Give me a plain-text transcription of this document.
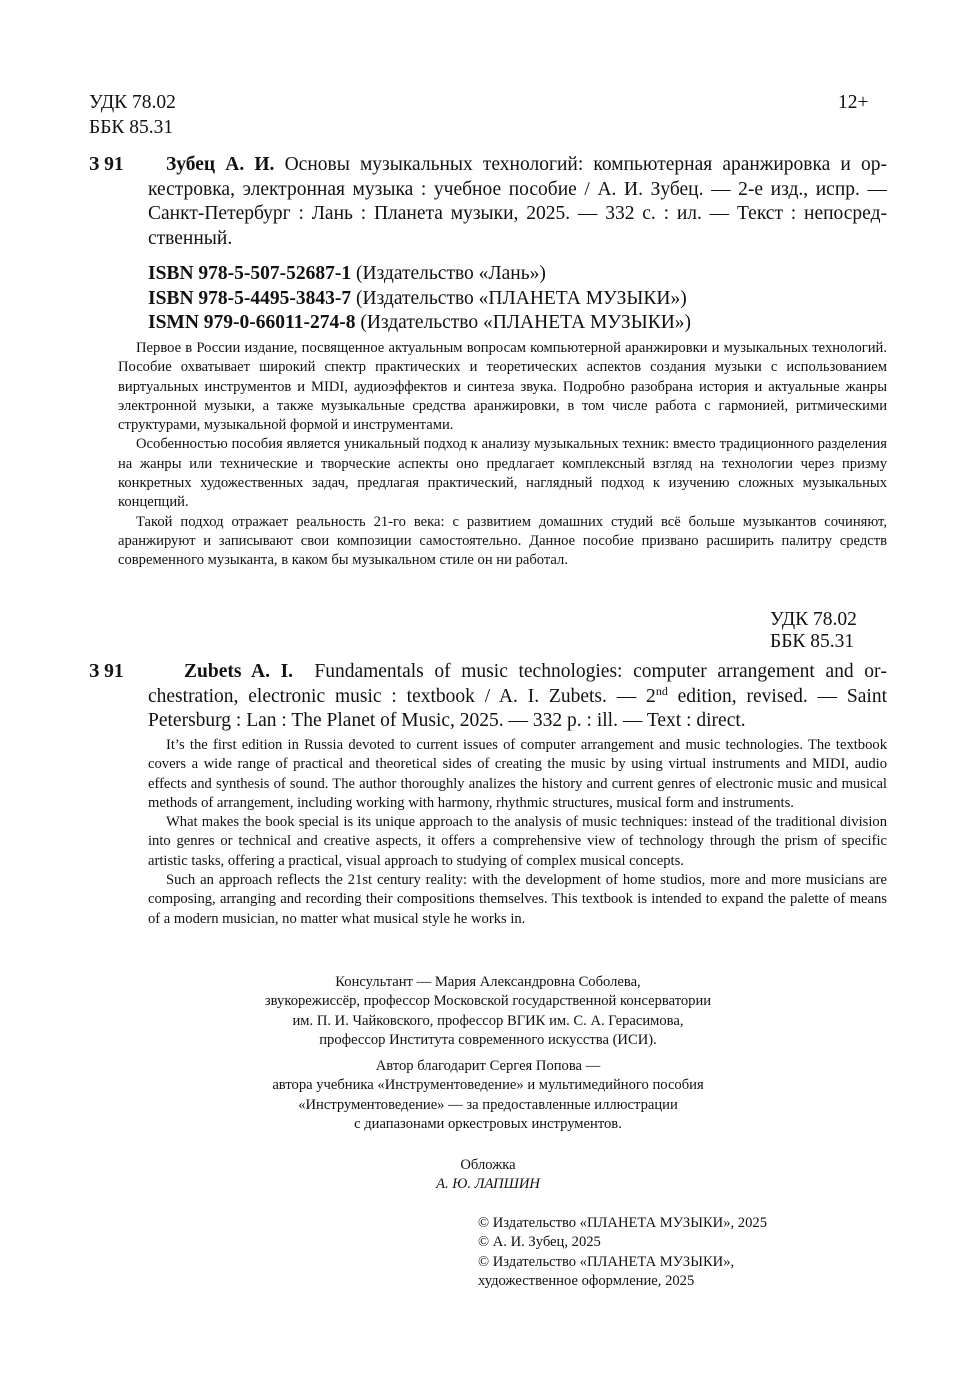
УДК 78.02
ББК 85.31
12+
З 91	Зубец А. И. Основы музыкальных технологий: компьютерная аранжировка и оркестровка, электронная музыка : учебное пособие / А. И. Зубец. — 2-е изд., испр. — Санкт-Петербург : Лань : Планета музыки, 2025. — 332 с. : ил. — Текст : непосредственный.
ISBN 978-5-507-52687-1 (Издательство «Лань»)
ISBN 978-5-4495-3843-7 (Издательство «ПЛАНЕТА МУЗЫКИ»)
ISMN 979-0-66011-274-8 (Издательство «ПЛАНЕТА МУЗЫКИ»)

Первое в России издание, посвященное актуальным вопросам компьютерной аранжировки и музыкальных технологий. Пособие охватывает широкий спектр практических и теоретических аспектов создания музыки с использованием виртуальных инструментов и MIDI, аудиоэффектов и синтеза звука. Подробно разобрана история и актуальные жанры электронной музыки, а также музыкальные средства аранжировки, в том числе работа с гармонией, ритмическими структурами, музыкальной формой и инструментами.

Особенностью пособия является уникальный подход к анализу музыкальных техник: вместо традиционного разделения на жанры или технические и творческие аспекты оно предлагает комплексный взгляд на технологии через призму конкретных художественных задач, предлагая практический, наглядный подход к изучению сложных музыкальных концепций.

Такой подход отражает реальность 21-го века: с развитием домашних студий всё больше музыкантов сочиняют, аранжируют и записывают свои композиции самостоятельно. Данное пособие призвано расширить палитру средств современного музыканта, в каком бы музыкальном стиле он ни работал.

УДК 78.02
ББК 85.31
З 91	Zubets A. I. Fundamentals of music technologies: computer arrangement and orchestration, electronic music : textbook / A. I. Zubets. — 2nd edition, revised. — Saint Petersburg : Lan : The Planet of Music, 2025. — 332 p. : ill. — Text : direct.

It’s the first edition in Russia devoted to current issues of computer arrangement and music technologies. The textbook covers a wide range of practical and theoretical sides of creating the music by using virtual instruments and MIDI, audio effects and synthesis of sound. The author thoroughly analizes the history and current genres of electronic music and musical methods of arrangement, including working with harmony, rhythmic structures, musical form and instruments.

What makes the book special is its unique approach to the analysis of music techniques: instead of the traditional division into genres or technical and creative aspects, it offers a comprehensive view of technology through the prism of specific artistic tasks, offering a practical, visual approach to studying of complex musical concepts.

Such an approach reflects the 21st century reality: with the development of home studios, more and more musicians are composing, arranging and recording their compositions themselves. This textbook is intended to expand the palette of means of a modern musician, no matter what musical style he works in.

Консультант — Мария Александровна Соболева,
звукорежиссёр, профессор Московской государственной консерватории
им. П. И. Чайковского, профессор ВГИК им. С. А. Герасимова,
профессор Института современного искусства (ИСИ).
Автор благодарит Сергея Попова —
автора учебника «Инструментоведение» и мультимедийного пособия
«Инструментоведение» — за предоставленные иллюстрации
с диапазонами оркестровых инструментов.
Обложка
А. Ю. ЛАПШИН
© Издательство «ПЛАНЕТА МУЗЫКИ», 2025
© А. И. Зубец, 2025
© Издательство «ПЛАНЕТА МУЗЫКИ»,
художественное оформление, 2025
